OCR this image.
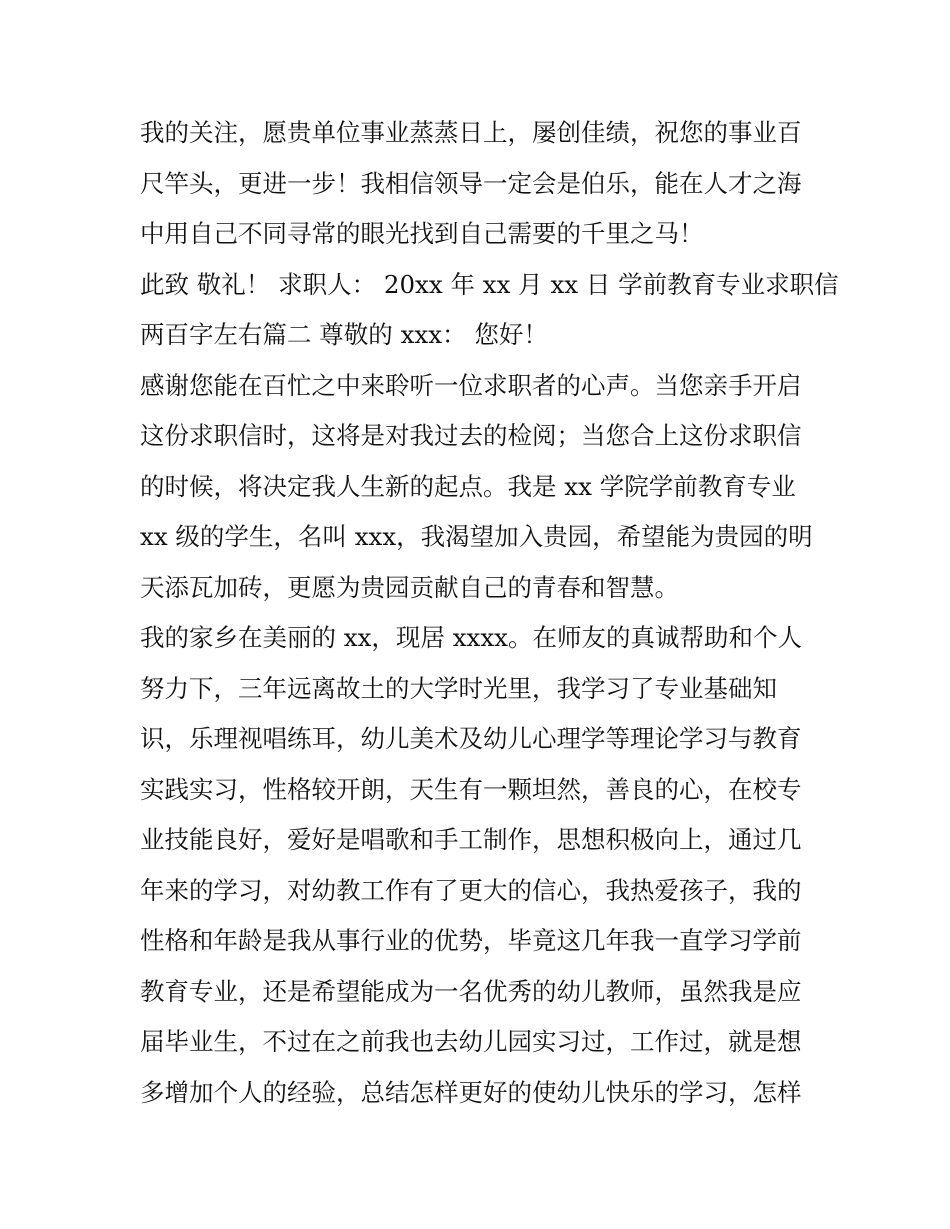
我的关注，愿贵单位事业蒸蒸日上，屡创佳绩，祝您的事业百
尺竿头，更进一步！我相信领导一定会是伯乐，能在人才之海
中用自己不同寻常的眼光找到自己需要的千里之马！
此致 敬礼！ 求职人： 20xx 年 xx 月 xx 日 学前教育专业求职信
两百字左右篇二 尊敬的 xxx： 您好！
感谢您能在百忙之中来聆听一位求职者的心声。当您亲手开启
这份求职信时，这将是对我过去的检阅；当您合上这份求职信
的时候，将决定我人生新的起点。我是 xx 学院学前教育专业
xx 级的学生，名叫 xxx，我渴望加入贵园，希望能为贵园的明
天添瓦加砖，更愿为贵园贡献自己的青春和智慧。
我的家乡在美丽的 xx，现居 xxxx。在师友的真诚帮助和个人
努力下，三年远离故土的大学时光里，我学习了专业基础知
识，乐理视唱练耳，幼儿美术及幼儿心理学等理论学习与教育
实践实习，性格较开朗，天生有一颗坦然，善良的心，在校专
业技能良好，爱好是唱歌和手工制作，思想积极向上，通过几
年来的学习，对幼教工作有了更大的信心，我热爱孩子，我的
性格和年龄是我从事行业的优势，毕竟这几年我一直学习学前
教育专业，还是希望能成为一名优秀的幼儿教师，虽然我是应
届毕业生，不过在之前我也去幼儿园实习过，工作过，就是想
多增加个人的经验，总结怎样更好的使幼儿快乐的学习，怎样
